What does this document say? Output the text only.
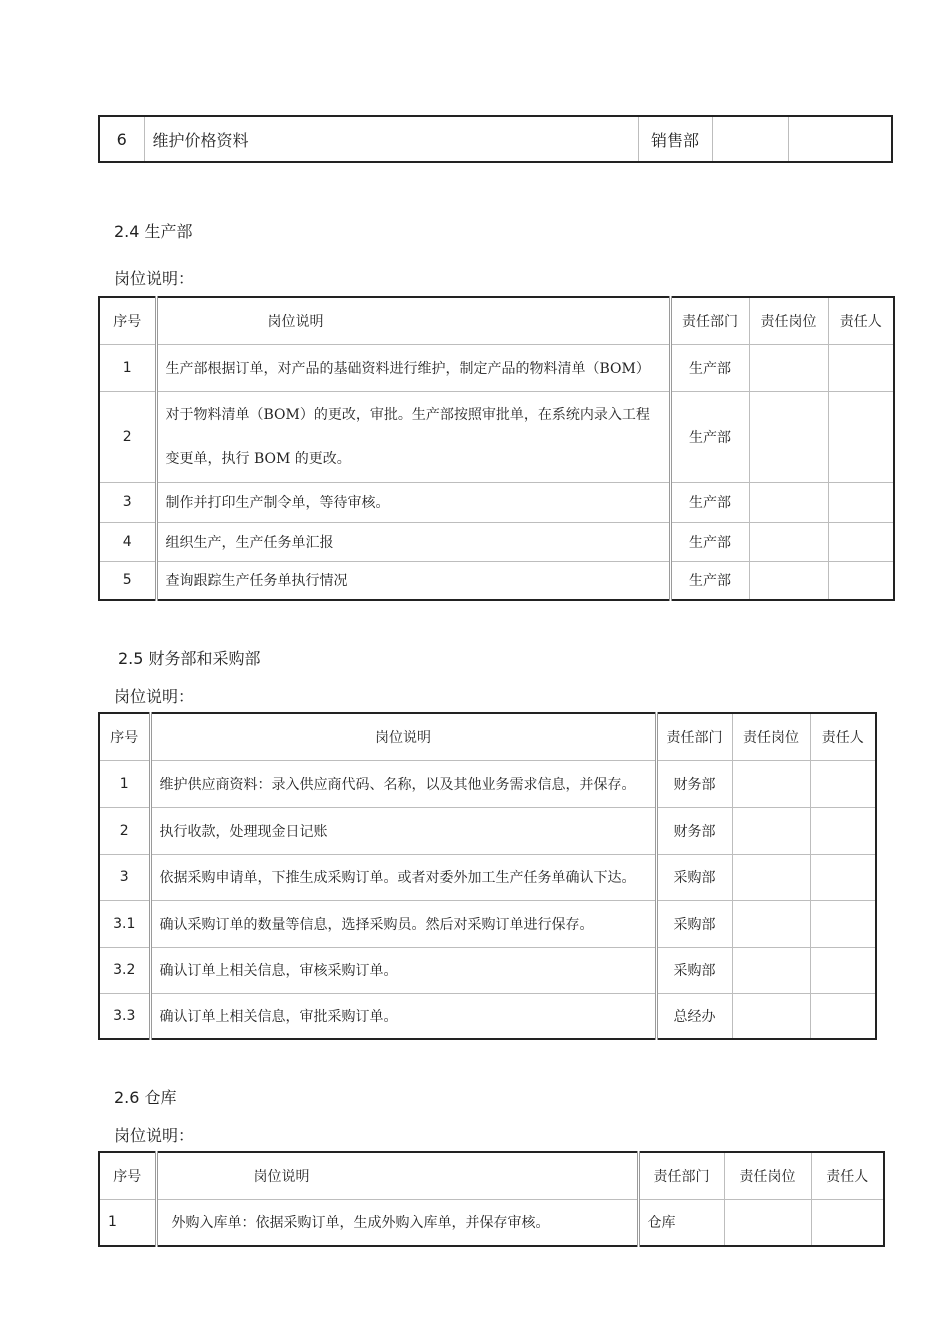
6	维护价格资料	销售部		
2.4 生产部
岗位说明：
序号	岗位说明	责任部门	责任岗位	责任人
1	生产部根据订单，对产品的基础资料进行维护，制定产品的物料清单（BOM）	生产部		
2	对于物料清单（BOM）的更改，审批。生产部按照审批单，在系统内录入工程变更单，执行 BOM 的更改。	生产部		
3	制作并打印生产制令单，等待审核。	生产部		
4	组织生产，生产任务单汇报	生产部		
5	查询跟踪生产任务单执行情况	生产部		
2.5 财务部和采购部
岗位说明：
序号	岗位说明	责任部门	责任岗位	责任人
1	维护供应商资料：录入供应商代码、名称，以及其他业务需求信息，并保存。	财务部		
2	执行收款，处理现金日记账	财务部		
3	依据采购申请单，下推生成采购订单。或者对委外加工生产任务单确认下达。	采购部		
3.1	确认采购订单的数量等信息，选择采购员。然后对采购订单进行保存。	采购部		
3.2	确认订单上相关信息，审核采购订单。	采购部		
3.3	确认订单上相关信息，审批采购订单。	总经办		
2.6 仓库
岗位说明：
序号	岗位说明	责任部门	责任岗位	责任人
1	外购入库单：依据采购订单，生成外购入库单，并保存审核。	仓库		
